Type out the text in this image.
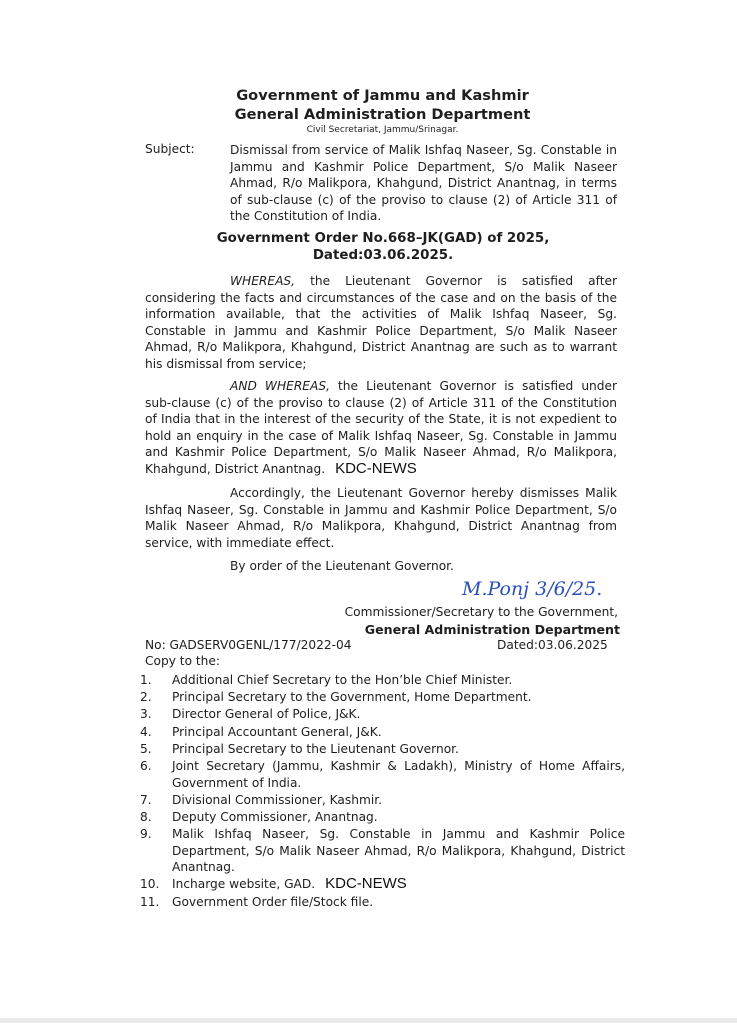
Government of Jammu and Kashmir
General Administration Department
Civil Secretariat, Jammu/Srinagar.
Subject:	Dismissal from service of Malik Ishfaq Naseer, Sg. Constable in Jammu and Kashmir Police Department, S/o Malik Naseer Ahmad, R/o Malikpora, Khahgund, District Anantnag, in terms of sub-clause (c) of the proviso to clause (2) of Article 311 of the Constitution of India.
Government Order No.668–JK(GAD) of 2025,
Dated:03.06.2025.

WHEREAS, the Lieutenant Governor is satisfied after considering the facts and circumstances of the case and on the basis of the information available, that the activities of Malik Ishfaq Naseer, Sg. Constable in Jammu and Kashmir Police Department, S/o Malik Naseer Ahmad, R/o Malikpora, Khahgund, District Anantnag are such as to warrant his dismissal from service;

AND WHEREAS, the Lieutenant Governor is satisfied under sub-clause (c) of the proviso to clause (2) of Article 311 of the Constitution of India that in the interest of the security of the State, it is not expedient to hold an enquiry in the case of Malik Ishfaq Naseer, Sg. Constable in Jammu and Kashmir Police Department, S/o Malik Naseer Ahmad, R/o Malikpora, Khahgund, District Anantnag. KDC-NEWS

Accordingly, the Lieutenant Governor hereby dismisses Malik Ishfaq Naseer, Sg. Constable in Jammu and Kashmir Police Department, S/o Malik Naseer Ahmad, R/o Malikpora, Khahgund, District Anantnag from service, with immediate effect.

By order of the Lieutenant Governor.
M.Ponj 3/6/25.
Commissioner/Secretary to the Government,
General Administration Department
No: GADSERV0GENL/177/2022-04	Dated:03.06.2025
Copy to the:
1.	Additional Chief Secretary to the Hon’ble Chief Minister.
2.	Principal Secretary to the Government, Home Department.
3.	Director General of Police, J&K.
4.	Principal Accountant General, J&K.
5.	Principal Secretary to the Lieutenant Governor.
6.	Joint Secretary (Jammu, Kashmir & Ladakh), Ministry of Home Affairs, Government of India.
7.	Divisional Commissioner, Kashmir.
8.	Deputy Commissioner, Anantnag.
9.	Malik Ishfaq Naseer, Sg. Constable in Jammu and Kashmir Police Department, S/o Malik Naseer Ahmad, R/o Malikpora, Khahgund, District Anantnag.
10.	Incharge website, GAD. KDC-NEWS
11.	Government Order file/Stock file.
